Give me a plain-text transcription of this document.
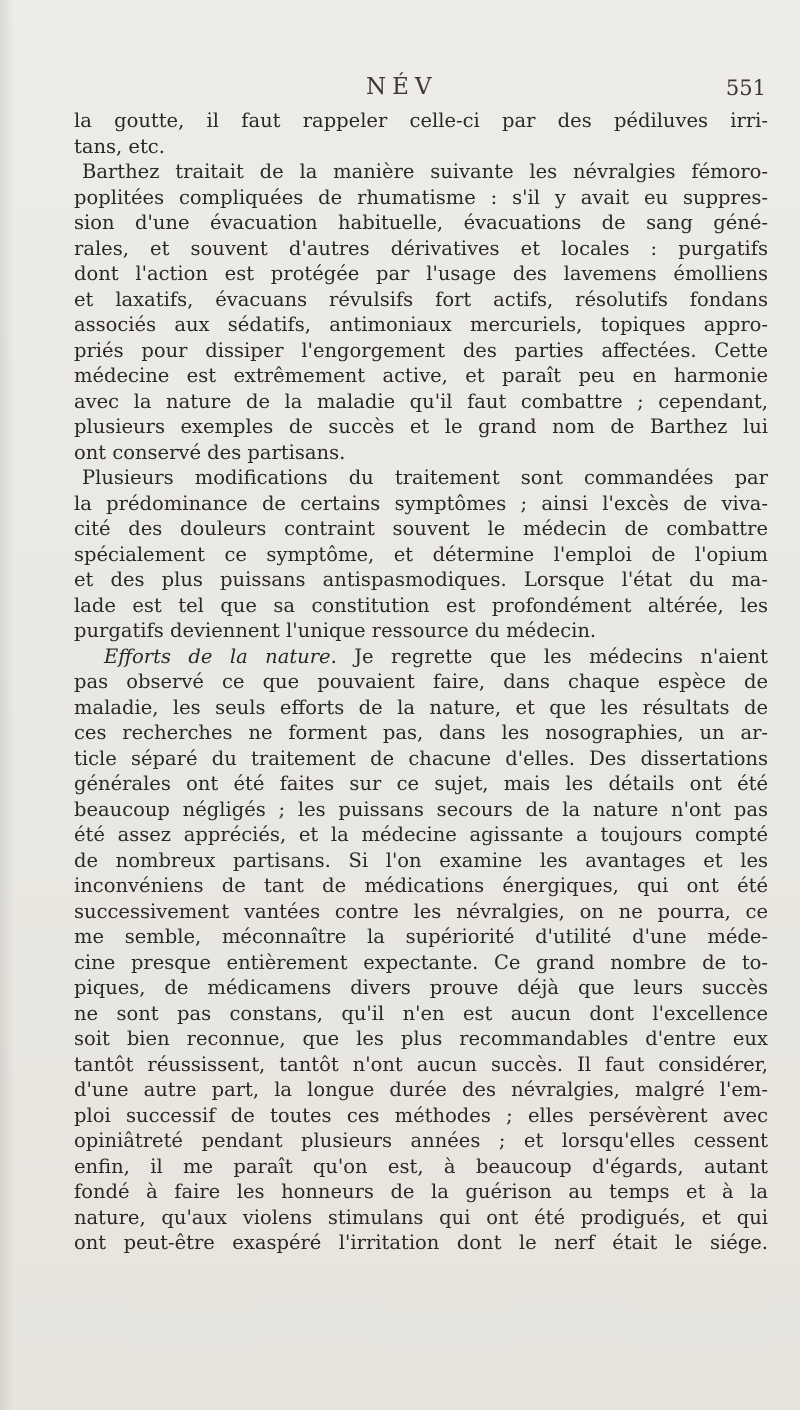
NÉV	551
la goutte, il faut rappeler celle-ci par des pédiluves irri-
tans, etc.
Barthez traitait de la manière suivante les névralgies fémoro-
poplitées compliquées de rhumatisme : s'il y avait eu suppres-
sion d'une évacuation habituelle, évacuations de sang géné-
rales, et souvent d'autres dérivatives et locales : purgatifs
dont l'action est protégée par l'usage des lavemens émolliens
et laxatifs, évacuans révulsifs fort actifs, résolutifs fondans
associés aux sédatifs, antimoniaux mercuriels, topiques appro-
priés pour dissiper l'engorgement des parties affectées. Cette
médecine est extrêmement active, et paraît peu en harmonie
avec la nature de la maladie qu'il faut combattre ; cependant,
plusieurs exemples de succès et le grand nom de Barthez lui
ont conservé des partisans.
Plusieurs modifications du traitement sont commandées par
la prédominance de certains symptômes ; ainsi l'excès de viva-
cité des douleurs contraint souvent le médecin de combattre
spécialement ce symptôme, et détermine l'emploi de l'opium
et des plus puissans antispasmodiques. Lorsque l'état du ma-
lade est tel que sa constitution est profondément altérée, les
purgatifs deviennent l'unique ressource du médecin.
Efforts de la nature. Je regrette que les médecins n'aient
pas observé ce que pouvaient faire, dans chaque espèce de
maladie, les seuls efforts de la nature, et que les résultats de
ces recherches ne forment pas, dans les nosographies, un ar-
ticle séparé du traitement de chacune d'elles. Des dissertations
générales ont été faites sur ce sujet, mais les détails ont été
beaucoup négligés ; les puissans secours de la nature n'ont pas
été assez appréciés, et la médecine agissante a toujours compté
de nombreux partisans. Si l'on examine les avantages et les
inconvéniens de tant de médications énergiques, qui ont été
successivement vantées contre les névralgies, on ne pourra, ce
me semble, méconnaître la supériorité d'utilité d'une méde-
cine presque entièrement expectante. Ce grand nombre de to-
piques, de médicamens divers prouve déjà que leurs succès
ne sont pas constans, qu'il n'en est aucun dont l'excellence
soit bien reconnue, que les plus recommandables d'entre eux
tantôt réussissent, tantôt n'ont aucun succès. Il faut considérer,
d'une autre part, la longue durée des névralgies, malgré l'em-
ploi successif de toutes ces méthodes ; elles persévèrent avec
opiniâtreté pendant plusieurs années ; et lorsqu'elles cessent
enfin, il me paraît qu'on est, à beaucoup d'égards, autant
fondé à faire les honneurs de la guérison au temps et à la
nature, qu'aux violens stimulans qui ont été prodigués, et qui
ont peut-être exaspéré l'irritation dont le nerf était le siége.
